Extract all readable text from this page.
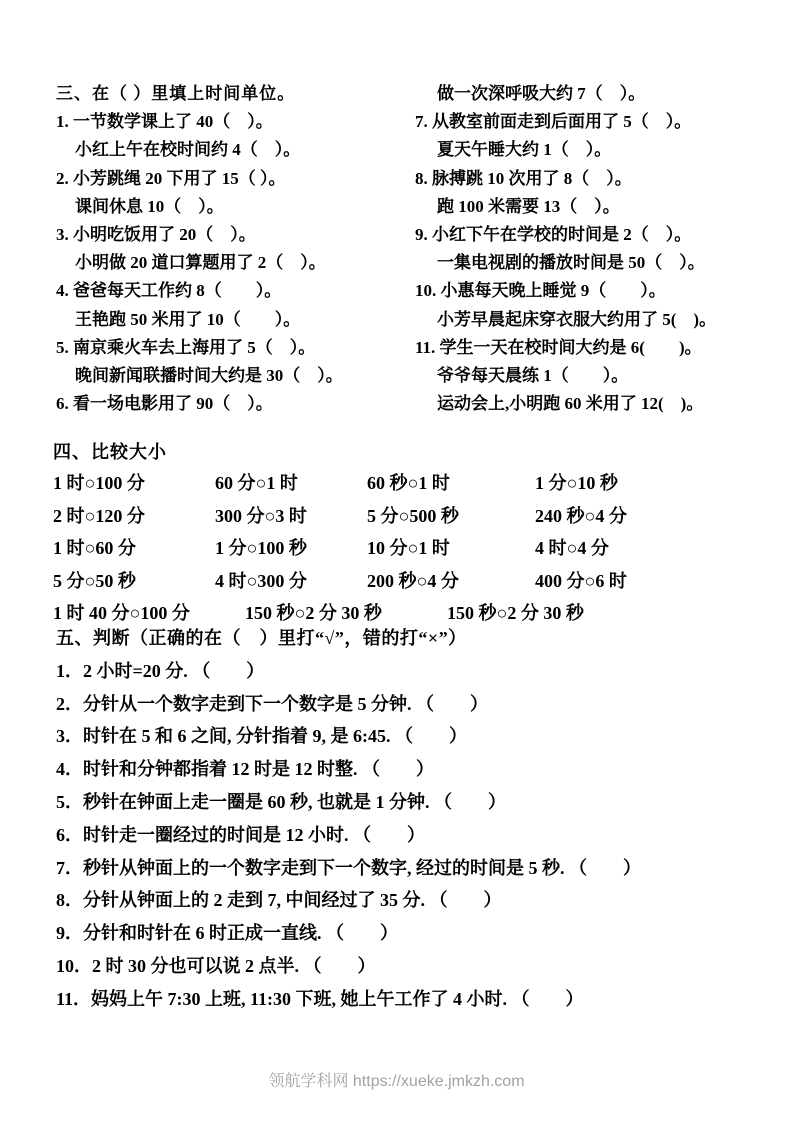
三、在（ ）里填上时间单位。
1. 一节数学课上了 40（　）。
小红上午在校时间约 4（　）。
2. 小芳跳绳 20 下用了 15（ ）。
课间休息 10（　）。
3. 小明吃饭用了 20（　）。
小明做 20 道口算题用了 2（　）。
4. 爸爸每天工作约 8（　　）。
王艳跑 50 米用了 10（　　）。
5. 南京乘火车去上海用了 5（　）。
晚间新闻联播时间大约是 30（　）。
6. 看一场电影用了 90（　）。
做一次深呼吸大约 7（　）。
7. 从教室前面走到后面用了 5（　）。
夏天午睡大约 1（　）。
8. 脉搏跳 10 次用了 8（　）。
跑 100 米需要 13（　）。
9. 小红下午在学校的时间是 2（　）。
一集电视剧的播放时间是 50（　）。
10. 小惠每天晚上睡觉 9（　　）。
小芳早晨起床穿衣服大约用了 5(　)。
11. 学生一天在校时间大约是 6(　　)。
爷爷每天晨练 1（　　）。
运动会上,小明跑 60 米用了 12(　)。
四、比较大小
1 时○100 分	60 分○1 时	60 秒○1 时	1 分○10 秒
2 时○120 分	300 分○3 时	5 分○500 秒	240 秒○4 分
1 时○60 分	1 分○100 秒	10 分○1 时	4 时○4 分
5 分○50 秒	4 时○300 分	200 秒○4 分	400 分○6 时
1 时 40 分○100 分	150 秒○2 分 30 秒	150 秒○2 分 30 秒
五、判断（正确的在（　）里打“√”，错的打“×”）
1．2 小时=20 分. （　　）
2．分针从一个数字走到下一个数字是 5 分钟. （　　）
3．时针在 5 和 6 之间, 分针指着 9, 是 6:45. （　　）
4．时针和分钟都指着 12 时是 12 时整. （　　）
5．秒针在钟面上走一圈是 60 秒, 也就是 1 分钟. （　　）
6．时针走一圈经过的时间是 12 小时. （　　）
7．秒针从钟面上的一个数字走到下一个数字, 经过的时间是 5 秒. （　　）
8．分针从钟面上的 2 走到 7, 中间经过了 35 分. （　　）
9．分针和时针在 6 时正成一直线. （　　）
10．2 时 30 分也可以说 2 点半. （　　）
11．妈妈上午 7:30 上班, 11:30 下班, 她上午工作了 4 小时. （　　）
领航学科网 https://xueke.jmkzh.com
